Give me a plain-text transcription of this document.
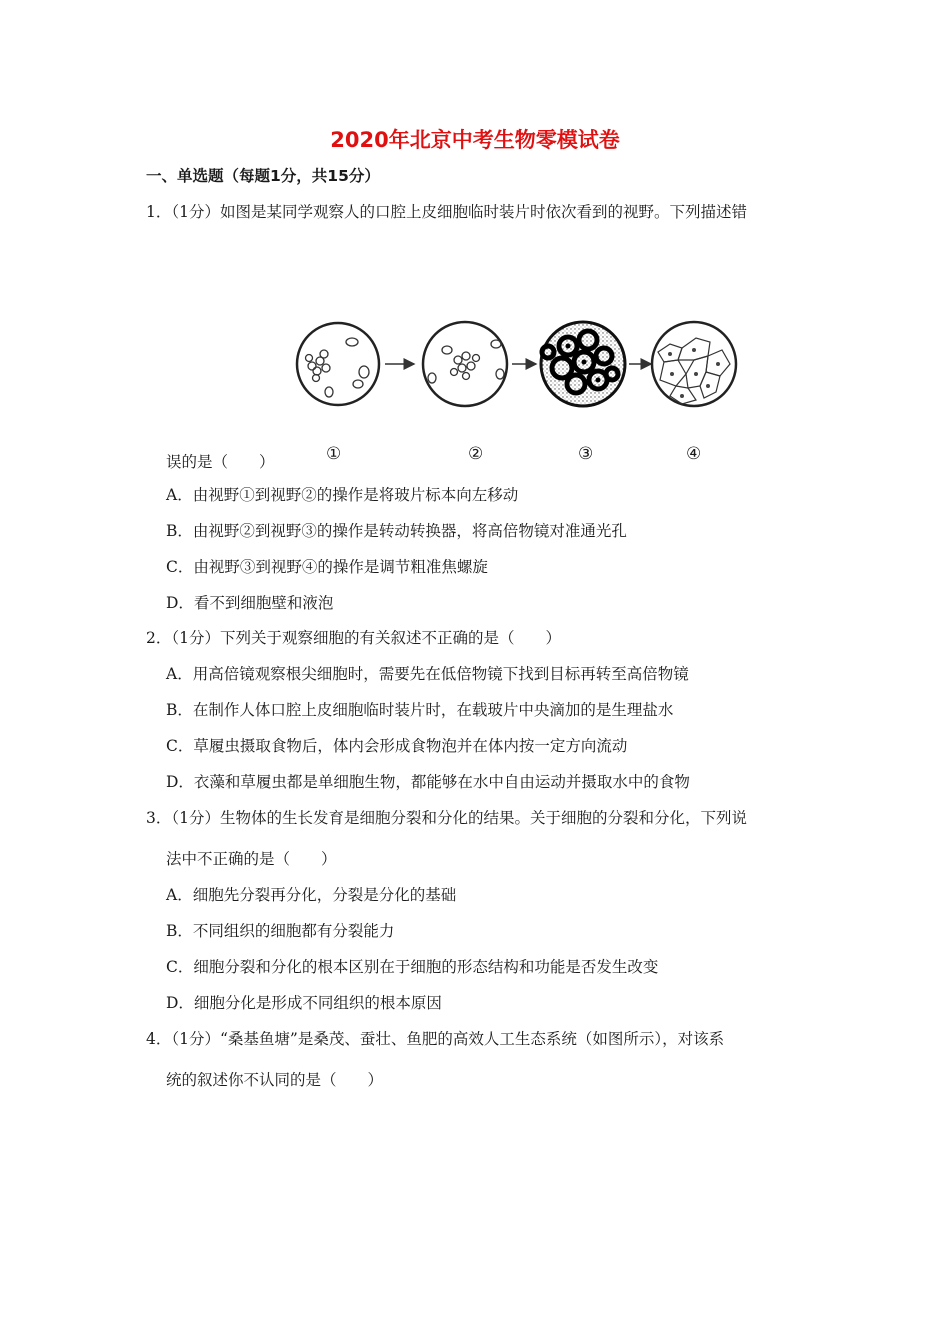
2020年北京中考生物零模试卷
一、单选题（每题1分，共15分）
1．（1分）如图是某同学观察人的口腔上皮细胞临时装片时依次看到的视野。下列描述错
①	②	③	④
误的是（　　）
A．由视野①到视野②的操作是将玻片标本向左移动
B．由视野②到视野③的操作是转动转换器，将高倍物镜对准通光孔
C．由视野③到视野④的操作是调节粗准焦螺旋
D．看不到细胞壁和液泡
2．（1分）下列关于观察细胞的有关叙述不正确的是（　　）
A．用高倍镜观察根尖细胞时，需要先在低倍物镜下找到目标再转至高倍物镜
B．在制作人体口腔上皮细胞临时装片时，在载玻片中央滴加的是生理盐水
C．草履虫摄取食物后，体内会形成食物泡并在体内按一定方向流动
D．衣藻和草履虫都是单细胞生物，都能够在水中自由运动并摄取水中的食物
3．（1分）生物体的生长发育是细胞分裂和分化的结果。关于细胞的分裂和分化，下列说
法中不正确的是（　　）
A．细胞先分裂再分化，分裂是分化的基础
B．不同组织的细胞都有分裂能力
C．细胞分裂和分化的根本区别在于细胞的形态结构和功能是否发生改变
D．细胞分化是形成不同组织的根本原因
4．（1分）“桑基鱼塘”是桑茂、蚕壮、鱼肥的高效人工生态系统（如图所示），对该系
统的叙述你不认同的是（　　）
